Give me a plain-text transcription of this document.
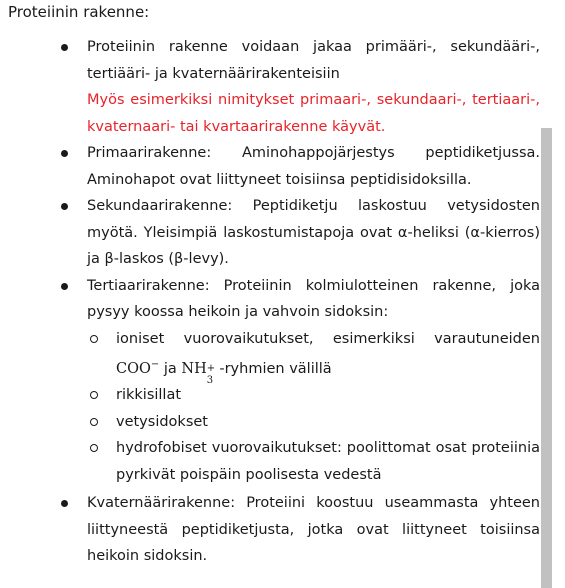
Proteiinin rakenne:
Proteiinin rakenne voidaan jakaa primääri-, sekundääri-, tertiääri- ja kvaternäärirakenteisiin
Myös esimerkiksi nimitykset primaari-, sekundaari-, tertiaari-, kvaternaari- tai kvartaarirakenne käyvät.
Primaarirakenne: Aminohappojärjestys peptidiketjussa. Aminohapot ovat liittyneet toisiinsa peptidisidoksilla.
Sekundaarirakenne: Peptidiketju laskostuu vetysidosten myötä. Yleisimpiä laskostumistapoja ovat α-heliksi (α-kierros) ja β-laskos (β-levy).
Tertiaarirakenne: Proteiinin kolmiulotteinen rakenne, joka pysyy koossa heikoin ja vahvoin sidoksin:
ioniset vuorovaikutukset, esimerkiksi varautuneiden COO− ja NH +
3
-ryhmien välillä
rikkisillat
vetysidokset
hydrofobiset vuorovaikutukset: poolittomat osat proteiinia pyrkivät poispäin poolisesta vedestä
Kvaternäärirakenne: Proteiini koostuu useammasta yhteen liittyneestä peptidiketjusta, jotka ovat liittyneet toisiinsa heikoin sidoksin.
